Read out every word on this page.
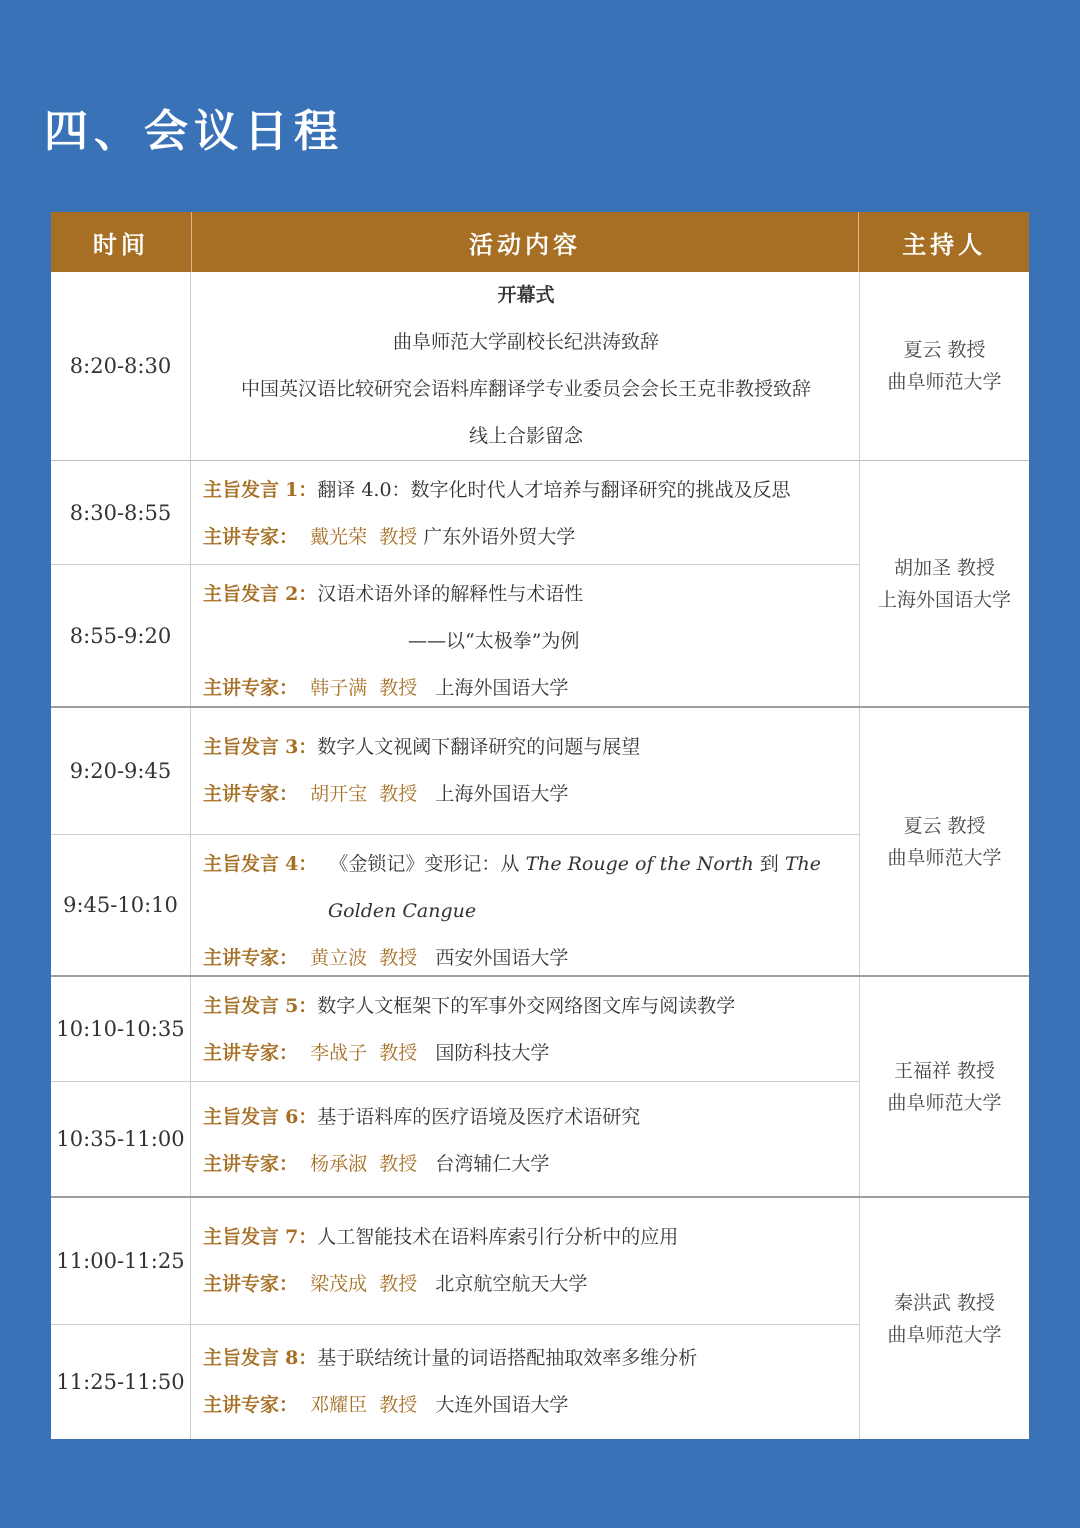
四、会议日程
时间	活动内容	主持人
8:20-8:30
开幕式
曲阜师范大学副校长纪洪涛致辞
中国英汉语比较研究会语料库翻译学专业委员会会长王克非教授致辞
线上合影留念
夏云 教授
曲阜师范大学
8:30-8:55
主旨发言 1：翻译 4.0：数字化时代人才培养与翻译研究的挑战及反思
主讲专家： 戴光荣 教授 广东外语外贸大学
8:55-9:20
主旨发言 2：汉语术语外译的解释性与术语性
——以“太极拳”为例
主讲专家： 韩子满 教授 上海外国语大学
胡加圣 教授
上海外国语大学
9:20-9:45
主旨发言 3：数字人文视阈下翻译研究的问题与展望
主讲专家： 胡开宝 教授 上海外国语大学
9:45-10:10
主旨发言 4： 《金锁记》变形记：从 The Rouge of the North 到 The
Golden Cangue
主讲专家： 黄立波 教授 西安外国语大学
夏云 教授
曲阜师范大学
10:10-10:35
主旨发言 5：数字人文框架下的军事外交网络图文库与阅读教学
主讲专家： 李战子 教授 国防科技大学
10:35-11:00
主旨发言 6：基于语料库的医疗语境及医疗术语研究
主讲专家： 杨承淑 教授 台湾辅仁大学
王福祥 教授
曲阜师范大学
11:00-11:25
主旨发言 7：人工智能技术在语料库索引行分析中的应用
主讲专家： 梁茂成 教授 北京航空航天大学
11:25-11:50
主旨发言 8：基于联结统计量的词语搭配抽取效率多维分析
主讲专家： 邓耀臣 教授 大连外国语大学
秦洪武 教授
曲阜师范大学
